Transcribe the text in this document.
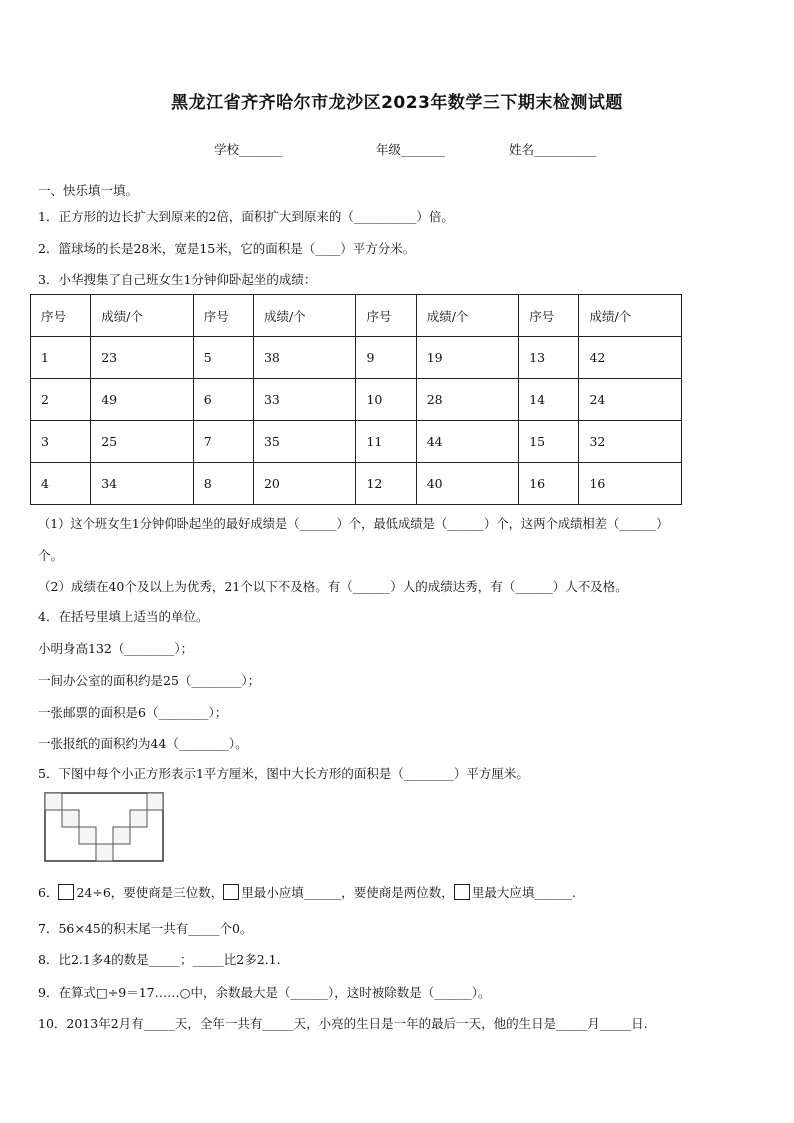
黑龙江省齐齐哈尔市龙沙区2023年数学三下期末检测试题
学校_______	年级_______	姓名__________
一、快乐填一填。
1．正方形的边长扩大到原来的2倍，面积扩大到原来的（__________）倍。
2．篮球场的长是28米，宽是15米，它的面积是（____）平方分米。
3．小华搜集了自己班女生1分钟仰卧起坐的成绩：
序号	成绩/个	序号	成绩/个	序号	成绩/个	序号	成绩/个
1	23	5	38	9	19	13	42
2	49	6	33	10	28	14	24
3	25	7	35	11	44	15	32
4	34	8	20	12	40	16	16
（1）这个班女生1分钟仰卧起坐的最好成绩是（______）个，最低成绩是（______）个，这两个成绩相差（______）
个。
（2）成绩在40个及以上为优秀，21个以下不及格。有（______）人的成绩达秀，有（______）人不及格。
4．在括号里填上适当的单位。
小明身高132（________）；
一间办公室的面积约是25（________）；
一张邮票的面积是6（________）；
一张报纸的面积约为44（________）。
5．下图中每个小正方形表示1平方厘米，图中大长方形的面积是（________）平方厘米。
6． 24÷6，要使商是三位数， 里最小应填______，要使商是两位数， 里最大应填______.
7．56×45的积末尾一共有_____个0。
8．比2.1多4的数是_____；_____比2多2.1.
9．在算式□÷9＝17……○中，余数最大是（______），这时被除数是（______）。
10．2013年2月有_____天，全年一共有_____天，小亮的生日是一年的最后一天，他的生日是_____月_____日.
